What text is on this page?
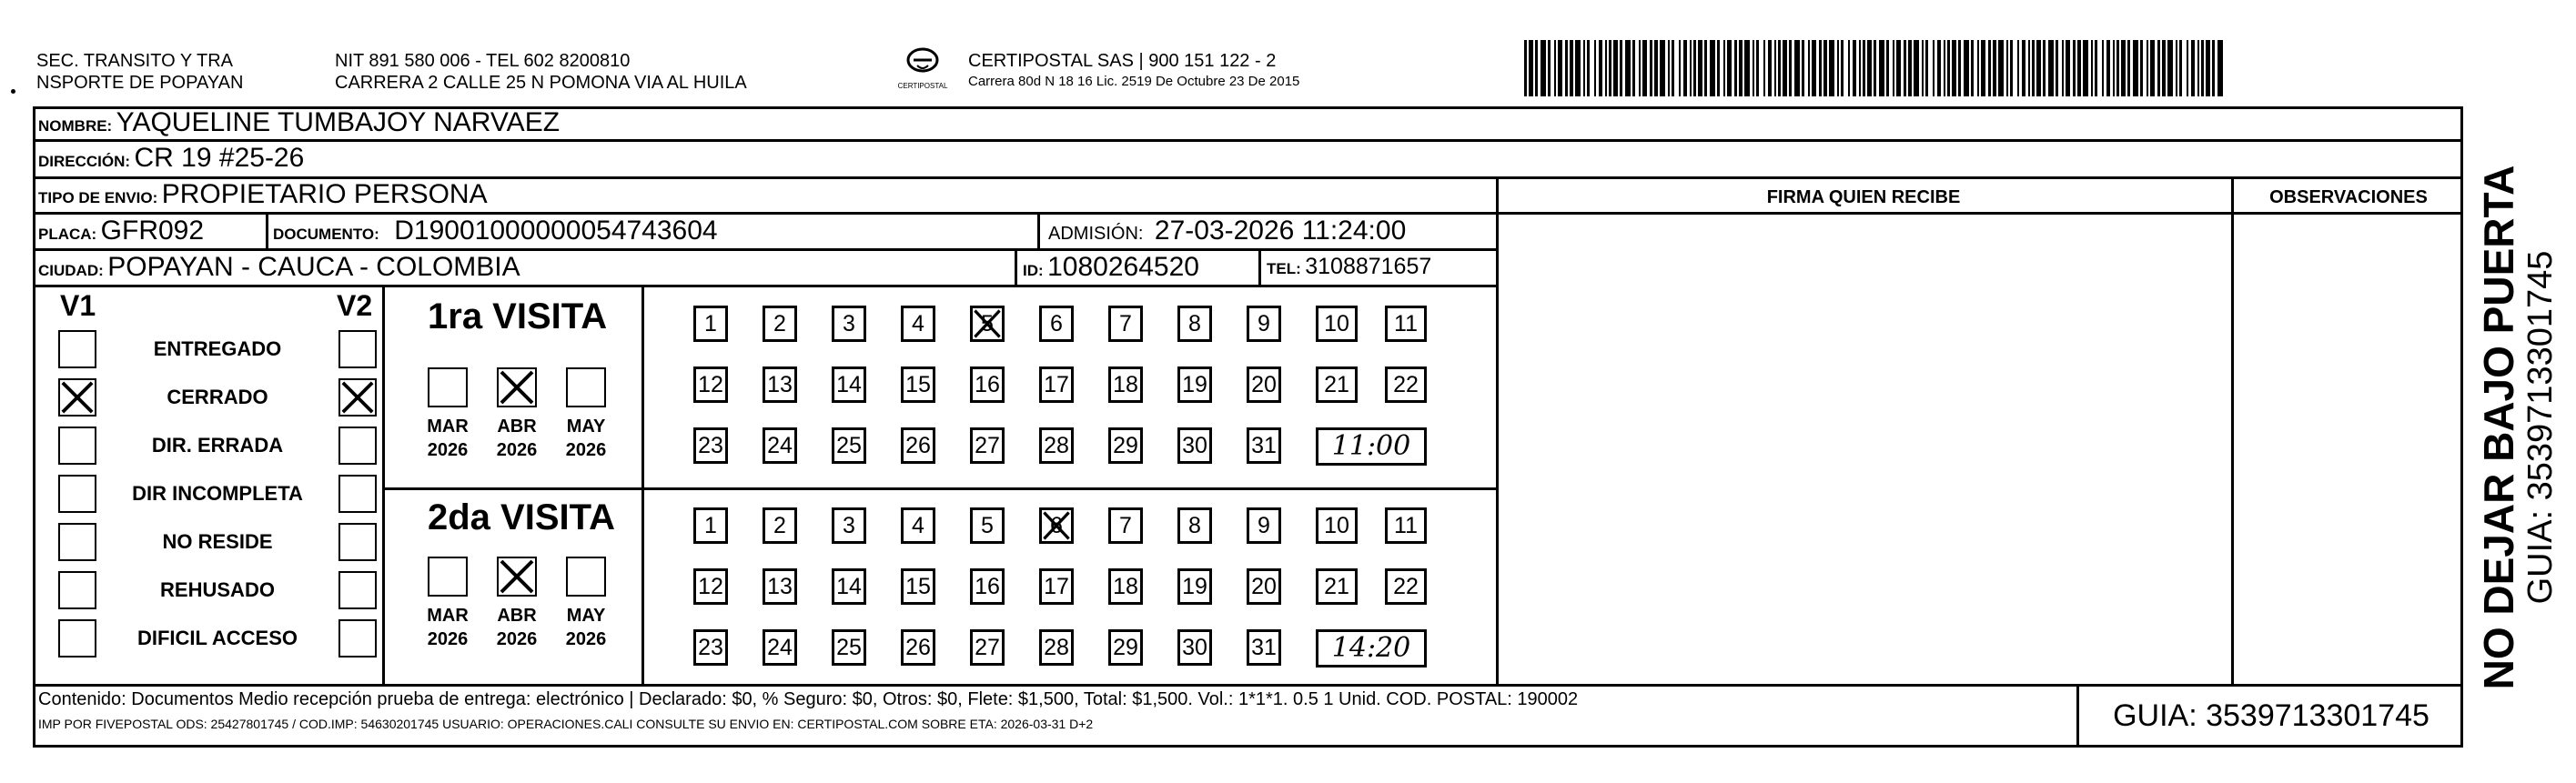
SEC. TRANSITO Y TRA
NSPORTE DE POPAYAN
NIT 891 580 006 - TEL 602 8200810
CARRERA 2 CALLE 25 N POMONA VIA AL HUILA	CERTIPOSTAL
CERTIPOSTAL SAS | 900 151 122 - 2
Carrera 80d N 18 16 Lic. 2519 De Octubre 23 De 2015
NOMBRE: YAQUELINE TUMBAJOY NARVAEZ
DIRECCIÓN: CR 19 #25-26
TIPO DE ENVIO: PROPIETARIO PERSONA
PLACA: GFR092	DOCUMENTO: D19001000000054743604	ADMISIÓN: 27-03-2026 11:24:00
CIUDAD: POPAYAN - CAUCA - COLOMBIA	ID: 1080264520	TEL: 3108871657
FIRMA QUIEN RECIBE	OBSERVACIONES
V1	V2
ENTREGADO
CERRADO
DIR. ERRADA
DIR INCOMPLETA
NO RESIDE
REHUSADO
DIFICIL ACCESO
1ra VISITA
2da VISITA
MAR
2026
ABR
2026
MAY
2026
MAR
2026
ABR
2026
MAY
2026
1	2	3	4	5	6	7	8	9	10	11
12 13 14 15 16 17 18 19 20	21	22
23 24 25 26 27 28 29 30 31	11:00
1	2	3	4	5	6	7	8	9	10	11
12 13 14 15 16 17 18 19 20	21	22
23 24 25 26 27 28 29 30 31	14:20
Contenido: Documentos Medio recepción prueba de entrega: electrónico | Declarado: $0, % Seguro: $0, Otros: $0, Flete: $1,500, Total: $1,500. Vol.: 1*1*1. 0.5 1 Unid. COD. POSTAL: 190002
IMP POR FIVEPOSTAL ODS: 25427801745 / COD.IMP: 54630201745 USUARIO: OPERACIONES.CALI CONSULTE SU ENVIO EN: CERTIPOSTAL.COM SOBRE ETA: 2026-03-31 D+2	GUIA: 3539713301745
NO DEJAR BAJO PUERTA GUIA: 3539713301745
